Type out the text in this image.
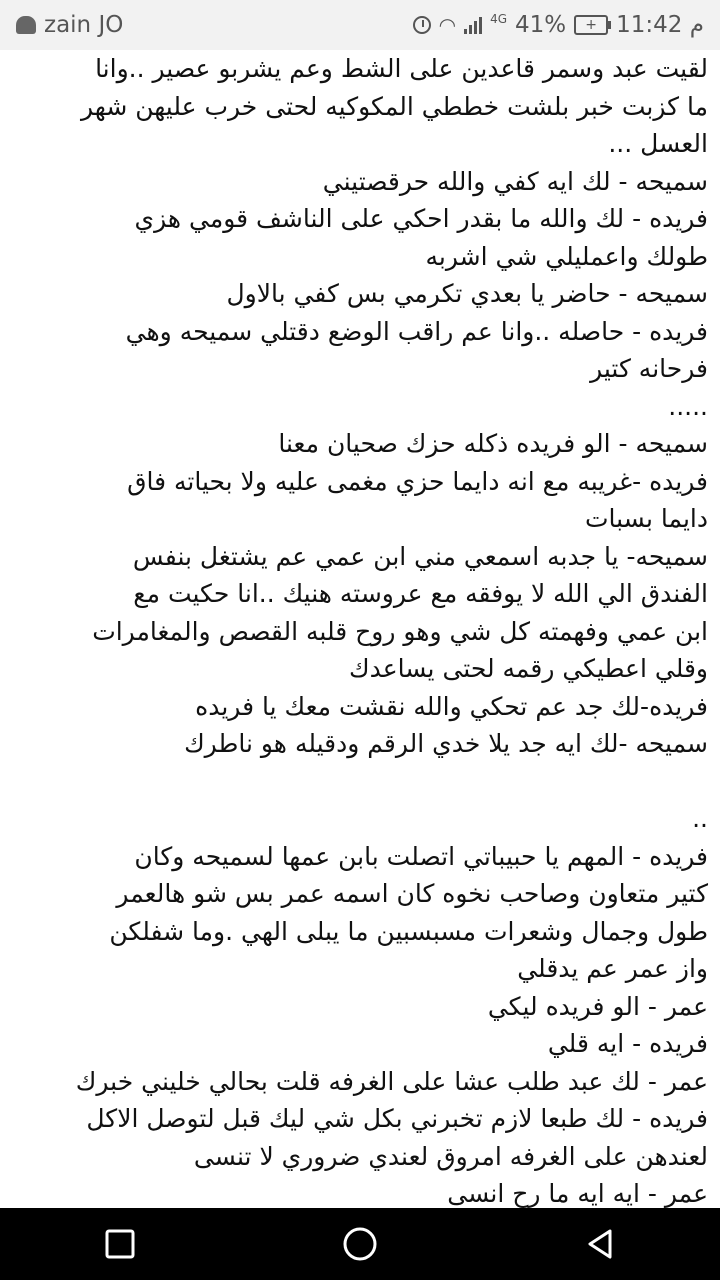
zain JO	◠	4G 41%	+ 11:42 م

لقيت عبد وسمر قاعدين على الشط وعم يشربو عصير ..وانا

ما كزبت خبر بلشت خططي المكوكيه لحتى خرب عليهن شهر

العسل ...

سميحه - لك ايه كفي والله حرقصتيني

فريده - لك والله ما بقدر احكي على الناشف قومي هزي

طولك واعمليلي شي اشربه

سميحه - حاضر يا بعدي تكرمي بس كفي بالاول

فريده - حاصله ..وانا عم راقب الوضع دقتلي سميحه وهي

فرحانه كتير

.....

سميحه - الو فريده ذكله حزك صحيان معنا

فريده -غريبه مع انه دايما حزي مغمى عليه ولا بحياته فاق

دايما بسبات

سميحه- يا جدبه اسمعي مني ابن عمي عم يشتغل بنفس

الفندق الي الله لا يوفقه مع عروسته هنيك ..انا حكيت مع

ابن عمي وفهمته كل شي وهو روح قلبه القصص والمغامرات

وقلي اعطيكي رقمه لحتى يساعدك

فريده-لك جد عم تحكي والله نقشت معك يا فريده

سميحه -لك ايه جد يلا خدي الرقم ودقيله هو ناطرك

..

فريده - المهم يا حبيباتي اتصلت بابن عمها لسميحه وكان

كتير متعاون وصاحب نخوه كان اسمه عمر بس شو هالعمر

طول وجمال وشعرات مسبسبين ما يبلى الهي .وما شفلكن

واز عمر عم يدقلي

عمر - الو فريده ليكي

فريده - ايه قلي

عمر - لك عبد طلب عشا على الغرفه قلت بحالي خليني خبرك

فريده - لك طبعا لازم تخبرني بكل شي ليك قبل لتوصل الاكل

لعندهن على الغرفه امروق لعندي ضروري لا تنسى

عمر - ايه ايه ما رح انسى
